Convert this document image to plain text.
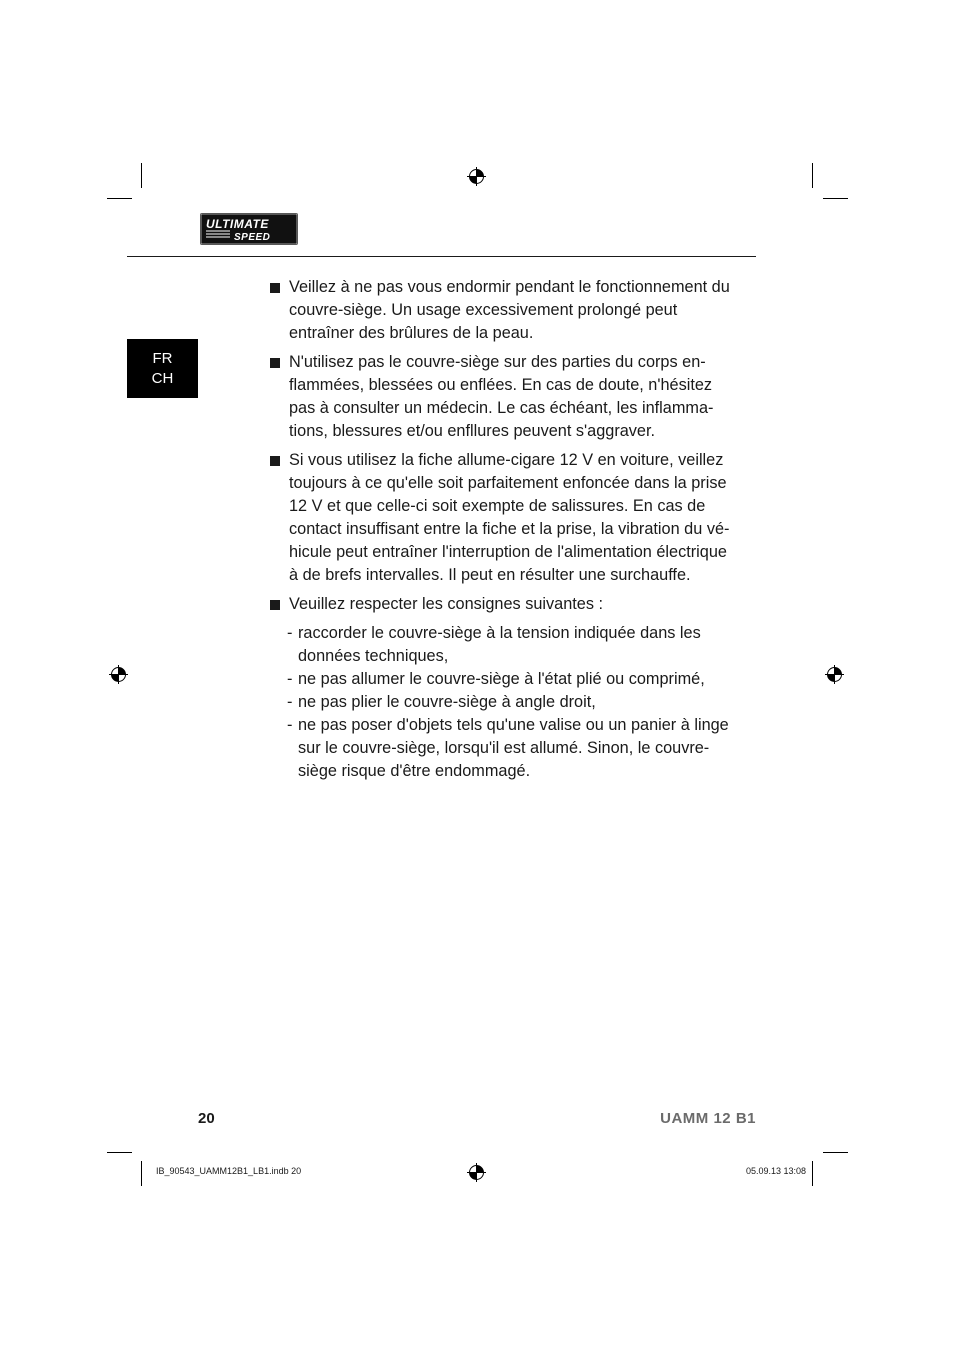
ULTIMATE
SPEED
FR
CH
Veillez à ne pas vous endormir pendant le fonctionnement du couvre-siège. Un usage excessivement prolongé peut entraîner des brûlures de la peau.
N'utilisez pas le couvre-siège sur des parties du corps en-flammées, blessées ou enflées. En cas de doute, n'hésitez pas à consulter un médecin. Le cas échéant, les inflamma-tions, blessures et/ou enfllures peuvent s'aggraver.
Si vous utilisez la fiche allume-cigare 12 V en voiture, veillez toujours à ce qu'elle soit parfaitement enfoncée dans la prise 12 V et que celle-ci soit exempte de salissures. En cas de contact insuffisant entre la fiche et la prise, la vibration du vé-hicule peut entraîner l'interruption de l'alimentation électrique à de brefs intervalles. Il peut en résulter une surchauffe.
Veuillez respecter les consignes suivantes :
- raccorder le couvre-siège à la tension indiquée dans les données techniques,
- ne pas allumer le couvre-siège à l'état plié ou comprimé,
- ne pas plier le couvre-siège à angle droit,
- ne pas poser d'objets tels qu'une valise ou un panier à linge sur le couvre-siège, lorsqu'il est allumé. Sinon, le couvre-siège risque d'être endommagé.
20	UAMM 12 B1
IB_90543_UAMM12B1_LB1.indb 20	05.09.13 13:08
